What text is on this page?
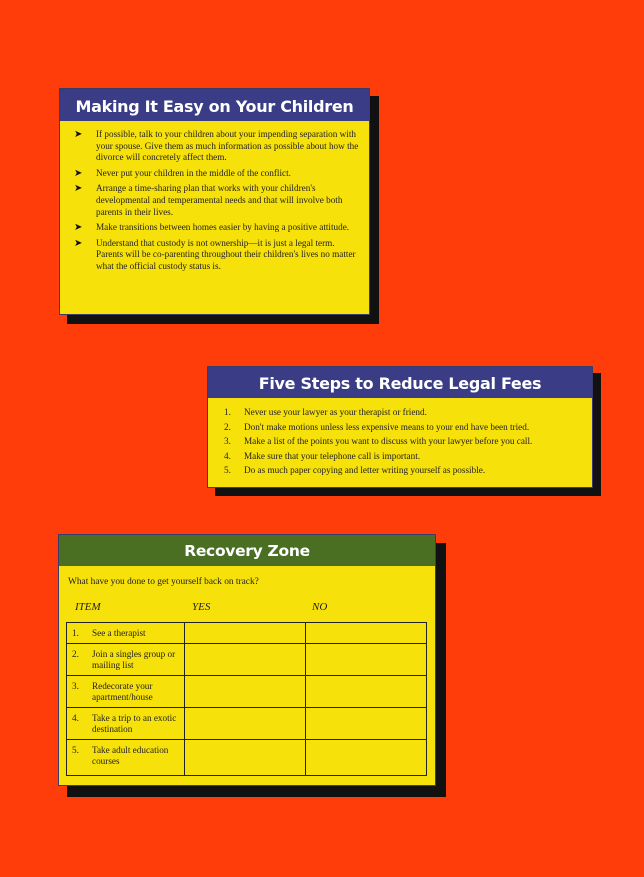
Making It Easy on Your Children
➤ If possible, talk to your children about your impending separation with your spouse. Give them as much information as possible about how the divorce will concretely affect them.
➤ Never put your children in the middle of the conflict.
➤ Arrange a time-sharing plan that works with your children's developmental and temperamental needs and that will involve both parents in their lives.
➤ Make transitions between homes easier by having a positive attitude.
➤ Understand that custody is not ownership—it is just a legal term. Parents will be co-parenting throughout their children's lives no matter what the official custody status is.
Five Steps to Reduce Legal Fees
1. Never use your lawyer as your therapist or friend.
2. Don't make motions unless less expensive means to your end have been tried.
3. Make a list of the points you want to discuss with your lawyer before you call.
4. Make sure that your telephone call is important.
5. Do as much paper copying and letter writing yourself as possible.
Recovery Zone
What have you done to get yourself back on track?
ITEM	YES	NO
1. See a therapist		

2. Join a singles group or mailing list		

3. Redecorate your apartment/house		

4. Take a trip to an exotic destination		

5. Take adult education courses		
